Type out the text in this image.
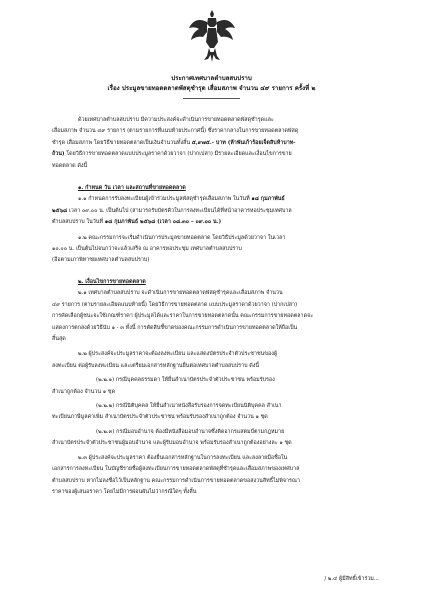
ประกาศเทศบาลตำบลสบปราบ
เรื่อง ประมูลขายทอดตลาดพัสดุชำรุด เสื่อมสภาพ จำนวน ๔๙ รายการ ครั้งที่ ๒
ด้วยเทศบาลตำบลสบปราบ มีความประสงค์จะดำเนินการขายทอดตลาดพัสดุชำรุดและ
เสื่อมสภาพ จำนวน ๔๙ รายการ (ตามรายการที่แนบท้ายประกาศนี้) ซึ่งราคากลางในการขายทอดตลาดพัสดุ
ชำรุด เสื่อมสภาพ โดยวิธีขายทอดตลาดเป็นเงินจำนวนทั้งสิ้น ๕,๙๗๕.- บาท (ห้าพันเก้าร้อยเจ็ดสิบห้าบาท-
ถ้วน) โดยวิธีการขายทอดตลาดแบบประมูลราคาด้วยวาจา (ปากเปล่า) มีรายละเอียดและเงื่อนไขการขาย
ทอดตลาด ดังนี้
๑. กำหนด วัน เวลา และสถานที่ขายทอดตลาด
๑.๑ กำหนดการรับลงทะเบียนผู้เข้าร่วมประมูลพัสดุชำรุดเสื่อมสภาพ ในวันที่ ๑๘ กุมภาพันธ์
๒๕๖๘ เวลา ๐๙.๐๐ น. เป็นต้นไป (สามารถรับบัตรคิวในการลงทะเบียนได้ที่หน้าอาคารหอประชุมเทศบาล
ตำบลสบปราบ ในวันที่ ๑๘ กุมภาพันธ์ ๒๕๖๘ (เวลา ๐๘.๓๐ – ๐๙.๐๐ น.)
๑.๒ คณะกรรมการจะเริ่มดำเนินการประมูลขายทอดตลาด โดยวิธีประมูลด้วยวาจา ในเวลา
๑๐.๐๐ น. เป็นต้นไปจนกว่าจะแล้วเสร็จ ณ อาคารหอประชุม เทศบาลตำบลสบปราบ
(อีอตามเภาพิทาชยเทศบาลตำบลสบปราบ)
๒. เงื่อนไขการขายทอดตลาด
๒.๑ เทศบาลตำบลสบปราบ จะดำเนินการขายทอดตลาดพัสดุชำรุดและเสื่อมสภาพ จำนวน
๔๙ รายการ (ตามรายละเอียดแนบท้ายนี้) โดยวิธีการขายทอดตลาด แบบประมูลราคาด้วยวาจา (ปากเปล่า)
การคัดเลือกผู้ชนะจะใช้เกณฑ์ราคา ผู้ประมูลได้และราคาในการขายทอดตลาดนั้น คณะกรรมการขายทอดตลาดจะ
แสดงการตกลงด้วยวิธีนับ ๑ - ๓ ทั้งนี้ การตัดสินชี้ขาดของคณะกรรมการดำเนินการขายทอดตลาดให้ถือเป็น
สิ้นสุด
๒.๒ ผู้ประสงค์จะประมูลราคาจะต้องลงทะเบียน และแสดงบัตรประจำตัวประชาชนของผู้
ลงทะเบียน ต่อผู้รับลงทะเบียน และเตรียมเอกสารหลักฐานยื่นต่อเทศบาลตำบลสบปราบ ดังนี้
(๒.๒.๑) กรณีบุคคลธรรมดา ให้ยื่นสำเนาบัตรประจำตัวประชาชน พร้อมรับรอง
สำเนาถูกต้อง จำนวน ๑ ชุด
(๒.๒.๒) กรณีนิติบุคคล ให้ยื่นสำเนาหนังสือรับรองการจดทะเบียนนิติบุคคล สำเนา
ทะเบียนภาษีมูลค่าเพิ่ม สำเนาบัตรประจำตัวประชาชน พร้อมรับรองสำเนาถูกต้อง จำนวน ๑ ชุด
(๒.๒.๓) กรณีมอบอำนาจ ต้องมีหนังสือมอบอำนาจซึ่งติดอากรแสตมป์ตามกฎหมาย
สำเนาบัตรประจำตัวประชาชนผู้มอบอำนาจ และผู้รับมอบอำนาจ พร้อมรับรองสำเนาถูกต้องอย่างละ ๑ ชุด
๒.๓ ผู้ประสงค์จะประมูลราคา ต้องยื่นเอกสารหลักฐานในการลงทะเบียน และลงลายมือชื่อใน
เอกสารการลงทะเบียน ในบัญชีรายชื่อผู้ลงทะเบียนการขายทอดตลาดพัสดุที่ชำรุดและเสื่อมสภาพของเทศบาล
ตำบลสบปราบ หากไม่ลงชื่อไว้เป็นหลักฐาน คณะกรรมการดำเนินการขายทอดตลาดขอสงวนสิทธิ์ไม่พิจารณา
ราคาของผู้เสนอราคา โดยไม่มีการผ่อนผันไม่ว่ากรณีใดๆ ทั้งสิ้น
/ ๒.๔ ผู้มีสิทธิ์เข้าร่วม...
